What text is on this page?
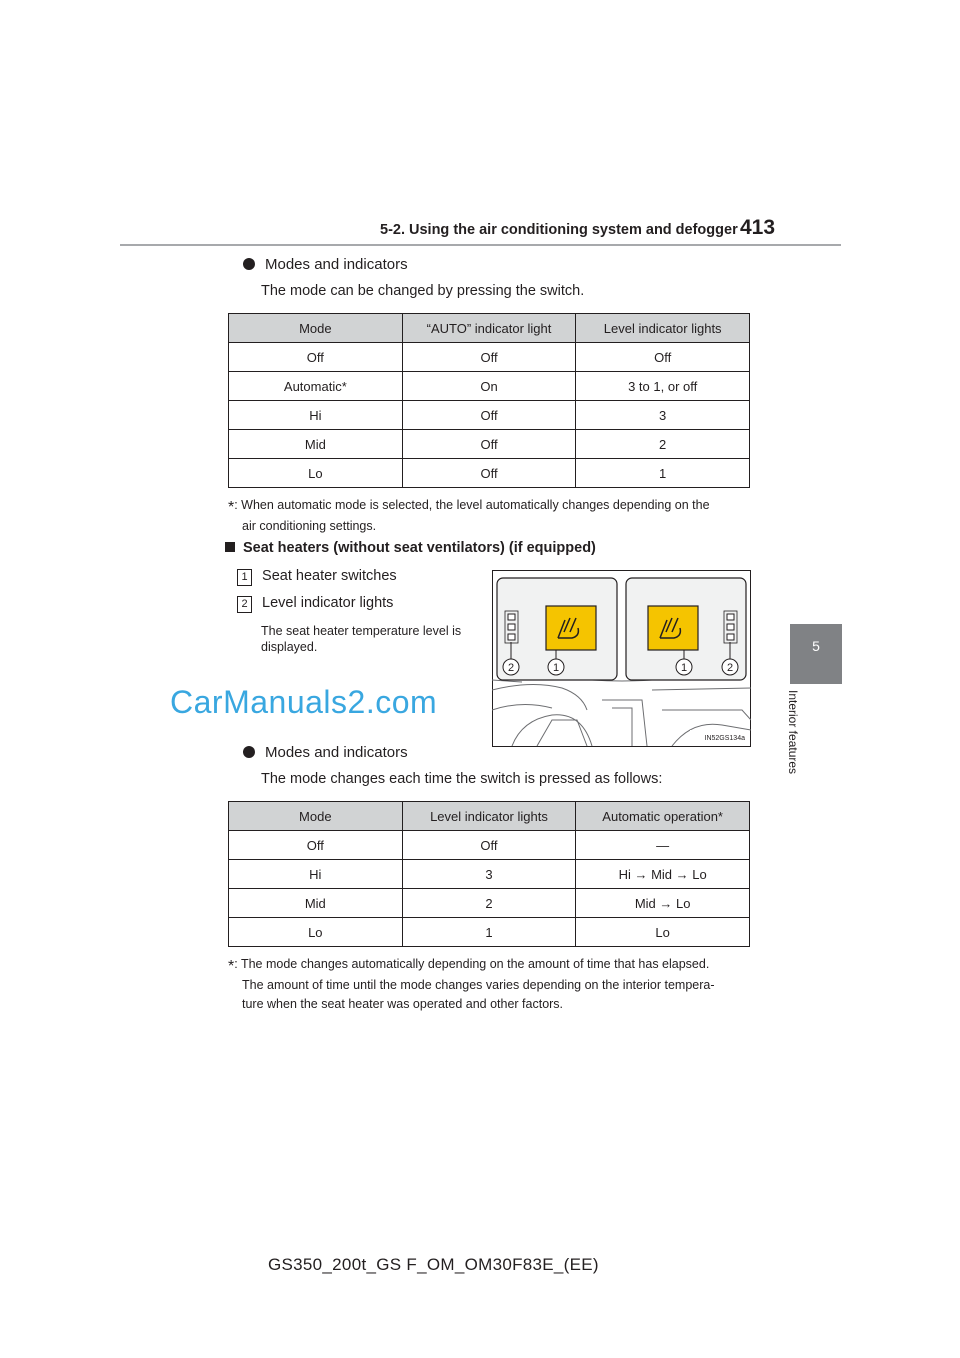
5-2. Using the air conditioning system and defogger 413
5
Interior features
Modes and indicators
The mode can be changed by pressing the switch.
Mode	“AUTO” indicator light	Level indicator lights
Off	Off	Off
Automatic*	On	3 to 1, or off
Hi	Off	3
Mid	Off	2
Lo	Off	1
*: When automatic mode is selected, the level automatically changes depending on the
air conditioning settings.
Seat heaters (without seat ventilators) (if equipped)
1 Seat heater switches
2 Level indicator lights
The seat heater temperature level is displayed.
2	1	1	2
IN52GS134a
CarManuals2.com
Modes and indicators
The mode changes each time the switch is pressed as follows:
Mode	Level indicator lights	Automatic operation*
Off	Off	—
Hi	3	Hi → Mid → Lo
Mid	2	Mid → Lo
Lo	1	Lo
*: The mode changes automatically depending on the amount of time that has elapsed.
The amount of time until the mode changes varies depending on the interior tempera-
ture when the seat heater was operated and other factors.
GS350_200t_GS F_OM_OM30F83E_(EE)
